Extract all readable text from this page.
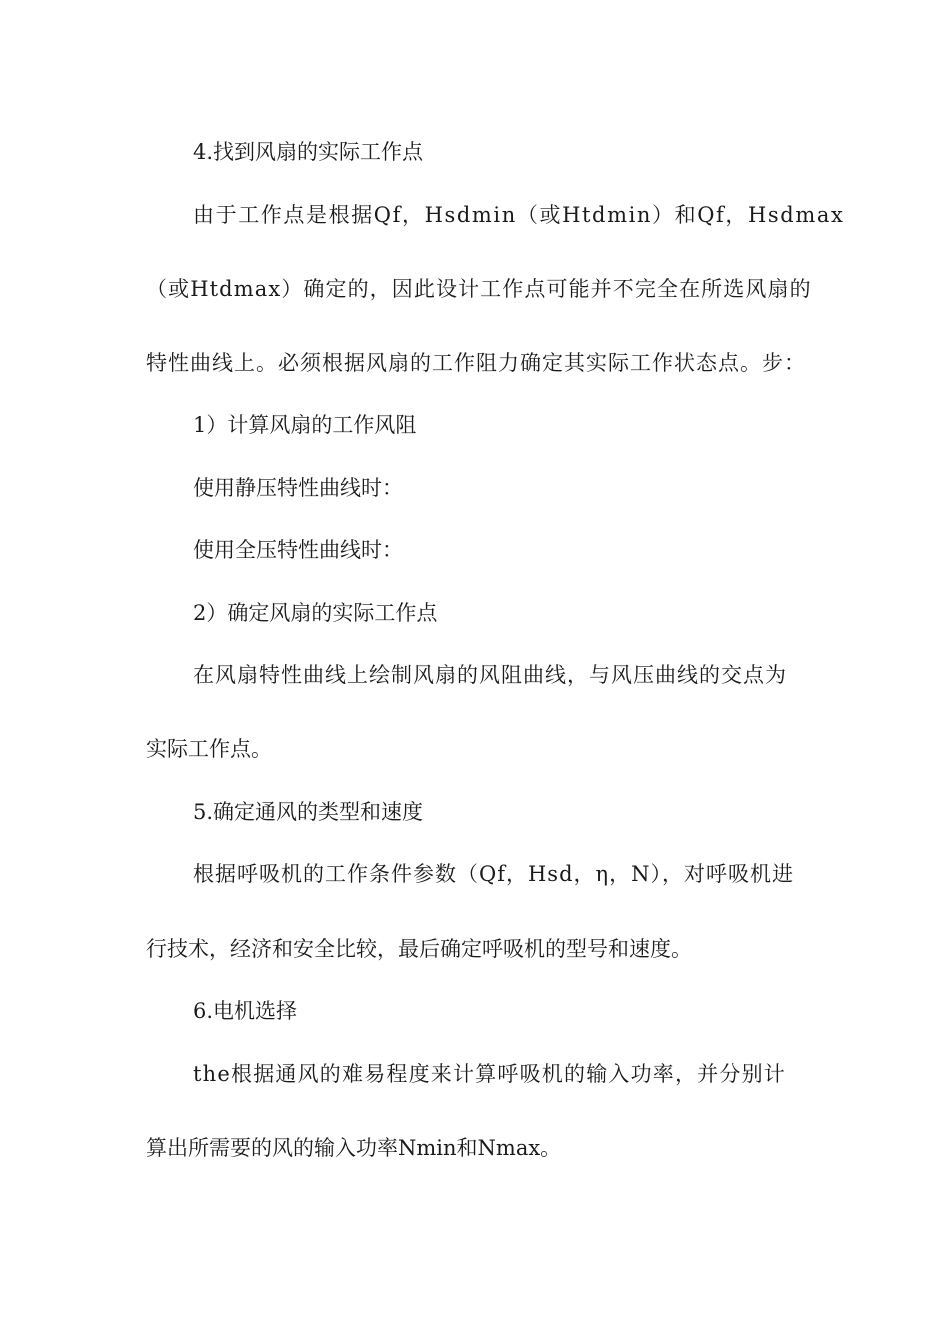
4.找到风扇的实际工作点

由于工作点是根据Qf，Hsdmin（或Htdmin）和Qf，Hsdmax

（或Htdmax）确定的，因此设计工作点可能并不完全在所选风扇的

特性曲线上。必须根据风扇的工作阻力确定其实际工作状态点。步：

1）计算风扇的工作风阻

使用静压特性曲线时：

使用全压特性曲线时：

2）确定风扇的实际工作点

在风扇特性曲线上绘制风扇的风阻曲线，与风压曲线的交点为

实际工作点。

5.确定通风的类型和速度

根据呼吸机的工作条件参数（Qf，Hsd，η，N），对呼吸机进

行技术，经济和安全比较，最后确定呼吸机的型号和速度。

6.电机选择

the根据通风的难易程度来计算呼吸机的输入功率，并分别计

算出所需要的风的输入功率Nmin和Nmax。
